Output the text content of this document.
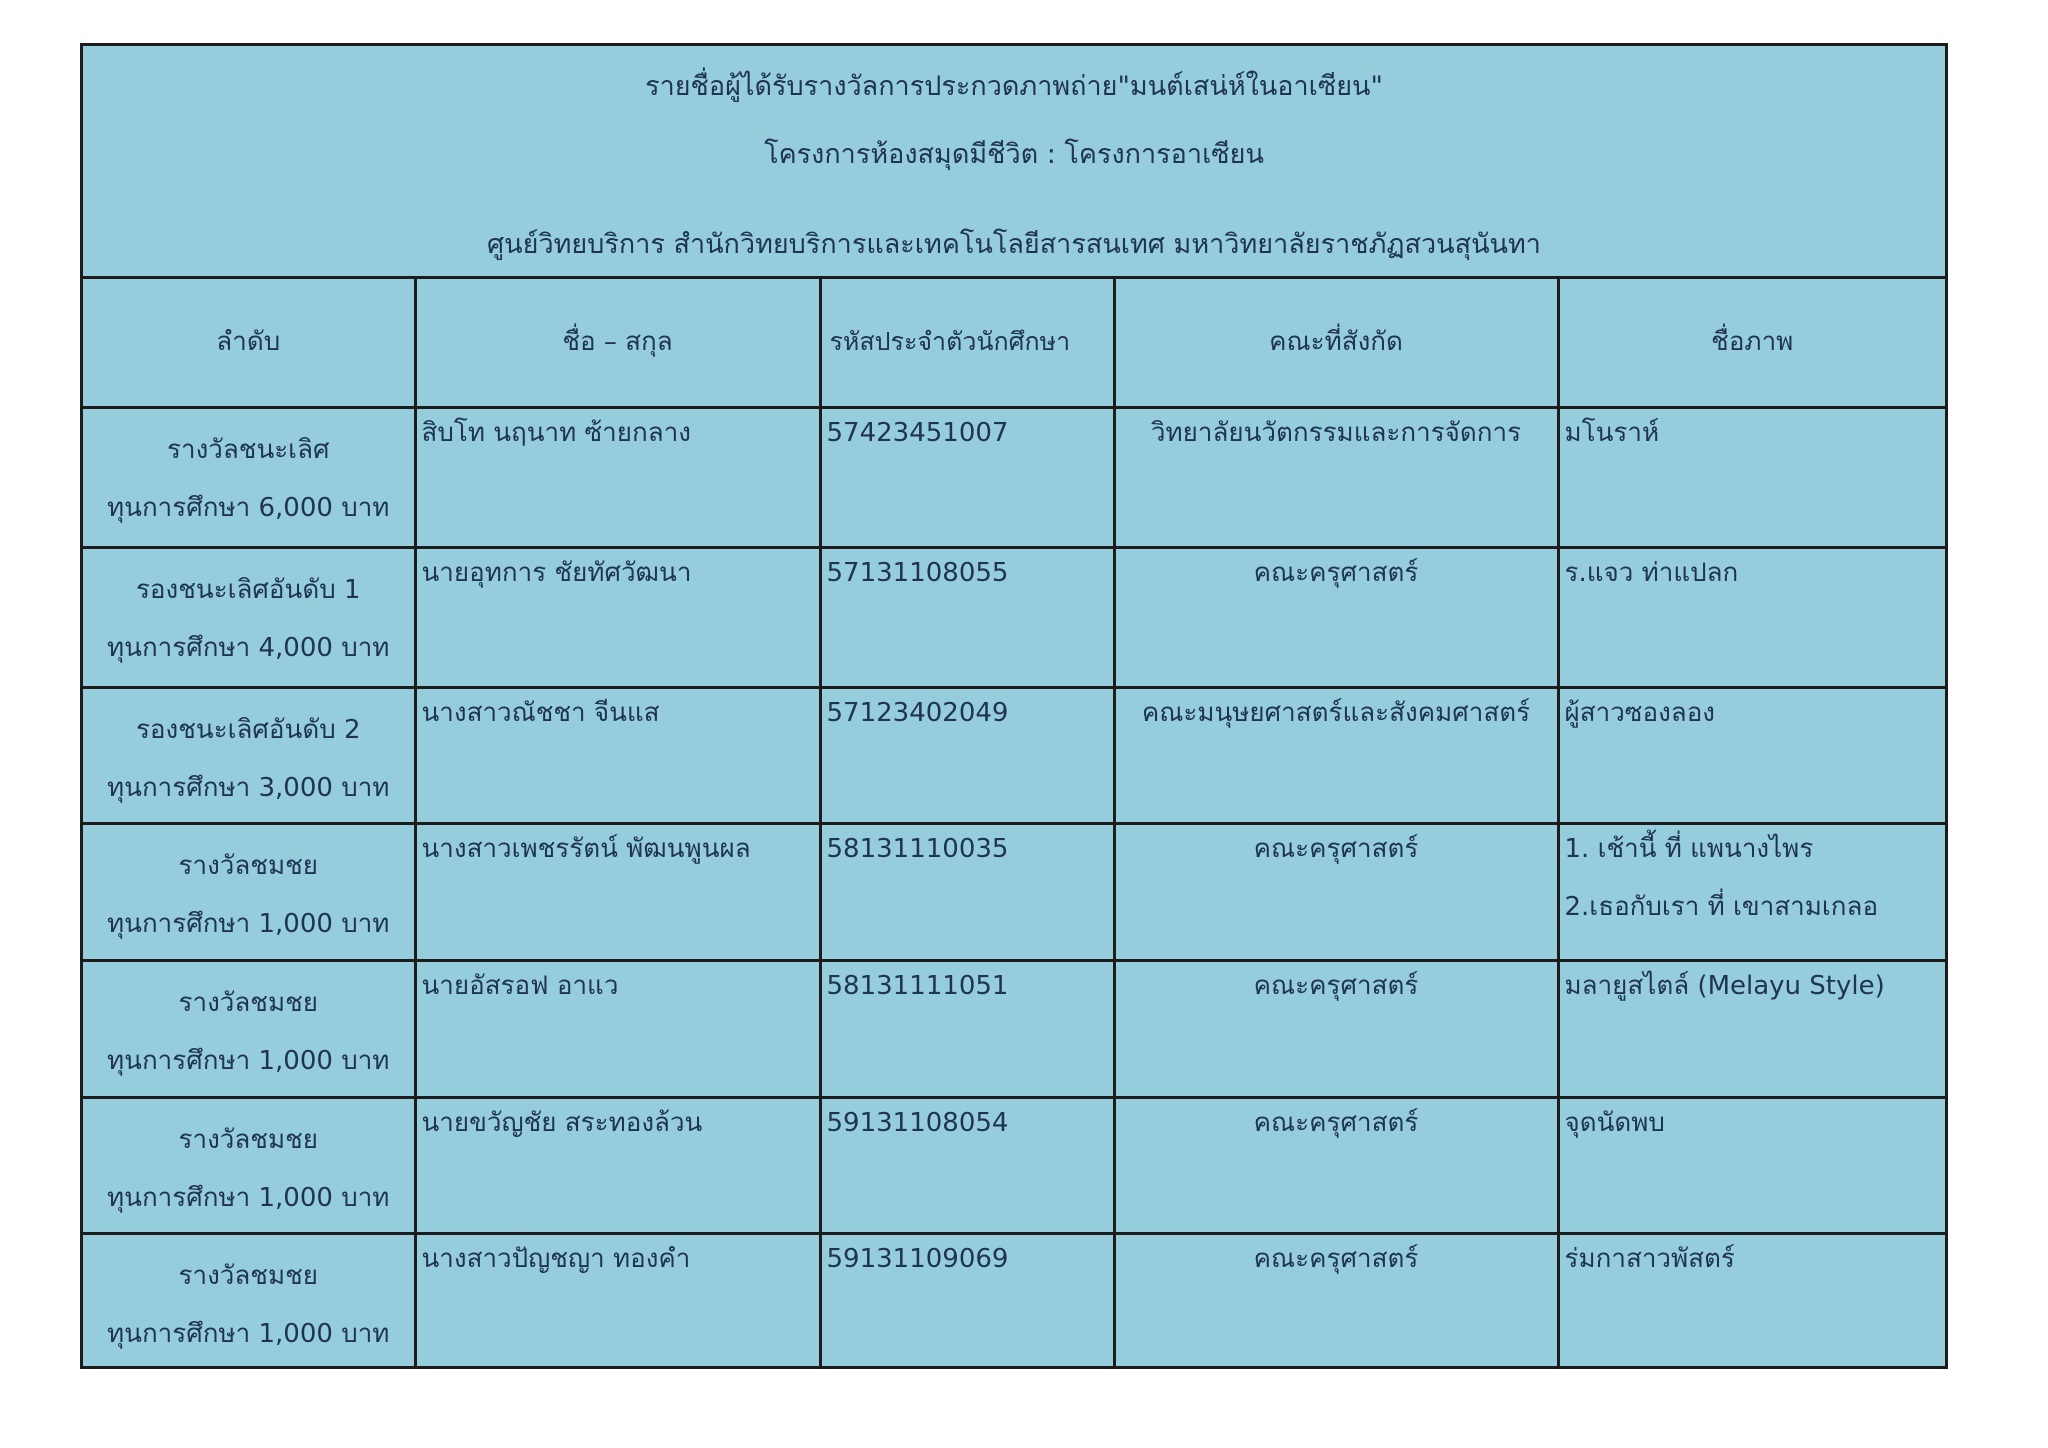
รายชื่อผู้ได้รับรางวัลการประกวดภาพถ่าย"มนต์เสน่ห์ในอาเซียน"
โครงการห้องสมุดมีชีวิต : โครงการอาเซียน
ศูนย์วิทยบริการ สำนักวิทยบริการและเทคโนโลยีสารสนเทศ มหาวิทยาลัยราชภัฏสวนสุนันทา
ลำดับ	ชื่อ – สกุล	รหัสประจำตัวนักศึกษา	คณะที่สังกัด	ชื่อภาพ

รางวัลชนะเลิศ
ทุนการศึกษา 6,000 บาท	สิบโท นฤนาท ซ้ายกลาง	57423451007	วิทยาลัยนวัตกรรมและการจัดการ	มโนราห์

รองชนะเลิศอันดับ 1
ทุนการศึกษา 4,000 บาท	นายอุทการ ชัยทัศวัฒนา	57131108055	คณะครุศาสตร์	ร.แจว ท่าแปลก

รองชนะเลิศอันดับ 2
ทุนการศึกษา 3,000 บาท	นางสาวณัชชา จีนแส	57123402049	คณะมนุษยศาสตร์และสังคมศาสตร์	ผู้สาวซองลอง

รางวัลชมชย
ทุนการศึกษา 1,000 บาท	นางสาวเพชรรัตน์ พัฒนพูนผล	58131110035	คณะครุศาสตร์	1. เช้านี้ ที่ แพนางไพร
2.เธอกับเรา ที่ เขาสามเกลอ

รางวัลชมชย
ทุนการศึกษา 1,000 บาท	นายอัสรอฟ อาแว	58131111051	คณะครุศาสตร์	มลายูสไตล์ (Melayu Style)

รางวัลชมชย
ทุนการศึกษา 1,000 บาท	นายขวัญชัย สระทองล้วน	59131108054	คณะครุศาสตร์	จุดนัดพบ

รางวัลชมชย
ทุนการศึกษา 1,000 บาท	นางสาวปัญชญา ทองคำ	59131109069	คณะครุศาสตร์	ร่มกาสาวพัสตร์
